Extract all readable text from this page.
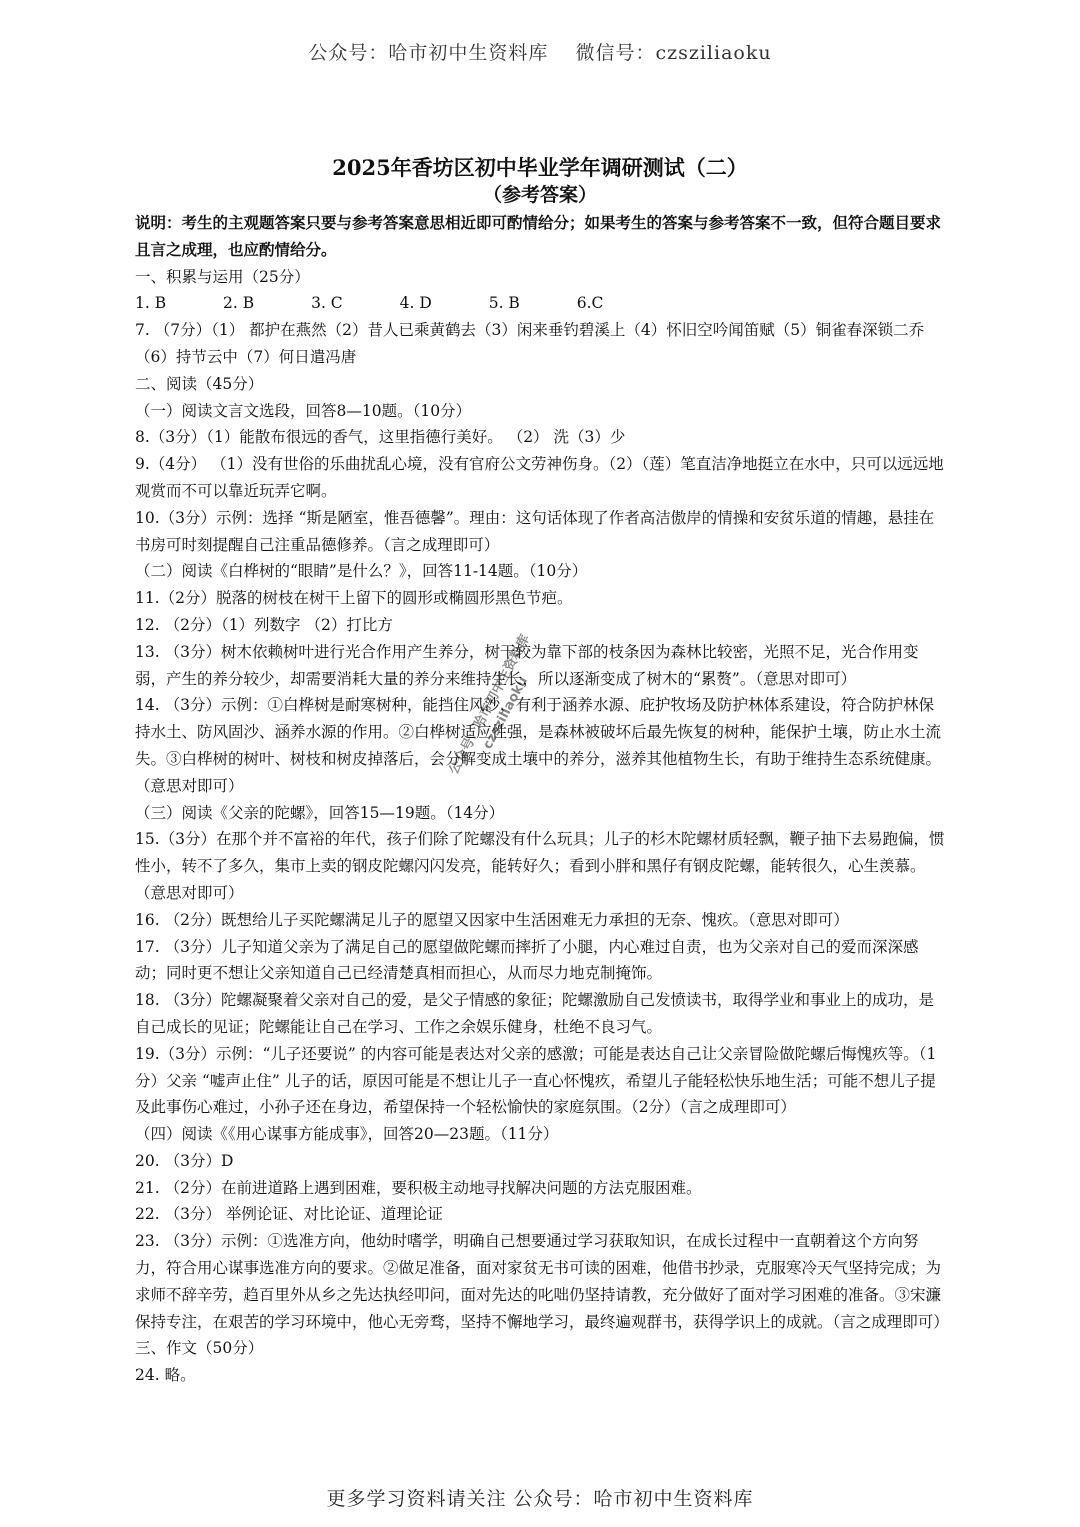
公众号：哈市初中生资料库 微信号：czsziliaoku
2025年香坊区初中毕业学年调研测试（二）
（参考答案）

说明：考生的主观题答案只要与参考答案意思相近即可酌情给分；如果考生的答案与参考答案不一致，但符合题目要求且言之成理，也应酌情给分。

一、积累与运用（25分）

1. B	2. B	3. C	4. D	5. B	6.C

7. （7分）（1） 都护在燕然（2）昔人已乘黄鹤去（3）闲来垂钓碧溪上（4）怀旧空吟闻笛赋（5）铜雀春深锁二乔（6）持节云中（7）何日遣冯唐

二、阅读（45分）

（一）阅读文言文选段，回答8—10题。（10分）

8.（3分）（1）能散布很远的香气，这里指德行美好。 （2） 洗（3）少

9.（4分） （1）没有世俗的乐曲扰乱心境，没有官府公文劳神伤身。（2）（莲）笔直洁净地挺立在水中，只可以远远地观赏而不可以靠近玩弄它啊。

10.（3分）示例：选择 “斯是陋室，惟吾德馨”。理由：这句话体现了作者高洁傲岸的情操和安贫乐道的情趣，悬挂在书房可时刻提醒自己注重品德修养。（言之成理即可）

（二）阅读《白桦树的“眼睛”是什么？》，回答11-14题。（10分）

11.（2分）脱落的树枝在树干上留下的圆形或椭圆形黑色节疤。

12. （2分）（1）列数字 （2）打比方

13. （3分）树木依赖树叶进行光合作用产生养分，树干较为靠下部的枝条因为森林比较密，光照不足，光合作用变弱，产生的养分较少，却需要消耗大量的养分来维持生长，所以逐渐变成了树木的“累赘”。（意思对即可）

14. （3分）示例：①白桦树是耐寒树种，能挡住风沙，有利于涵养水源、庇护牧场及防护林体系建设，符合防护林保持水土、防风固沙、涵养水源的作用。②白桦树适应性强，是森林被破坏后最先恢复的树种，能保护土壤，防止水土流失。③白桦树的树叶、树枝和树皮掉落后，会分解变成土壤中的养分，滋养其他植物生长，有助于维持生态系统健康。（意思对即可）

（三）阅读《父亲的陀螺》，回答15—19题。（14分）

15.（3分）在那个并不富裕的年代，孩子们除了陀螺没有什么玩具；儿子的杉木陀螺材质轻飘，鞭子抽下去易跑偏，惯性小，转不了多久，集市上卖的钢皮陀螺闪闪发亮，能转好久；看到小胖和黑仔有钢皮陀螺，能转很久，心生羡慕。（意思对即可）

16. （2分）既想给儿子买陀螺满足儿子的愿望又因家中生活困难无力承担的无奈、愧疚。（意思对即可）

17. （3分）儿子知道父亲为了满足自己的愿望做陀螺而摔折了小腿，内心难过自责，也为父亲对自己的爱而深深感动；同时更不想让父亲知道自己已经清楚真相而担心，从而尽力地克制掩饰。

18. （3分）陀螺凝聚着父亲对自己的爱，是父子情感的象征；陀螺激励自己发愤读书，取得学业和事业上的成功，是自己成长的见证；陀螺能让自己在学习、工作之余娱乐健身，杜绝不良习气。

19.（3分）示例：“儿子还要说” 的内容可能是表达对父亲的感激；可能是表达自己让父亲冒险做陀螺后悔愧疚等。（1分）父亲 “嘘声止住” 儿子的话，原因可能是不想让儿子一直心怀愧疚，希望儿子能轻松快乐地生活；可能不想儿子提及此事伤心难过，小孙子还在身边，希望保持一个轻松愉快的家庭氛围。（2分）（言之成理即可）

（四）阅读《《用心谋事方能成事》，回答20—23题。（11分）

20. （3分）D

21. （2分）在前进道路上遇到困难，要积极主动地寻找解决问题的方法克服困难。

22. （3分） 举例论证、对比论证、道理论证

23. （3分）示例：①选准方向，他幼时嗜学，明确自己想要通过学习获取知识，在成长过程中一直朝着这个方向努力，符合用心谋事选准方向的要求。②做足准备，面对家贫无书可读的困难，他借书抄录，克服寒冷天气坚持完成；为求师不辞辛劳，趋百里外从乡之先达执经叩问，面对先达的叱咄仍坚持请教，充分做好了面对学习困难的准备。③宋濂保持专注，在艰苦的学习环境中，他心无旁骛，坚持不懈地学习，最终遍观群书，获得学识上的成就。（言之成理即可）

三、作文（50分）

24. 略。

公众号：哈市初中生资料库 czsziliaoku
更多学习资料请关注 公众号：哈市初中生资料库
